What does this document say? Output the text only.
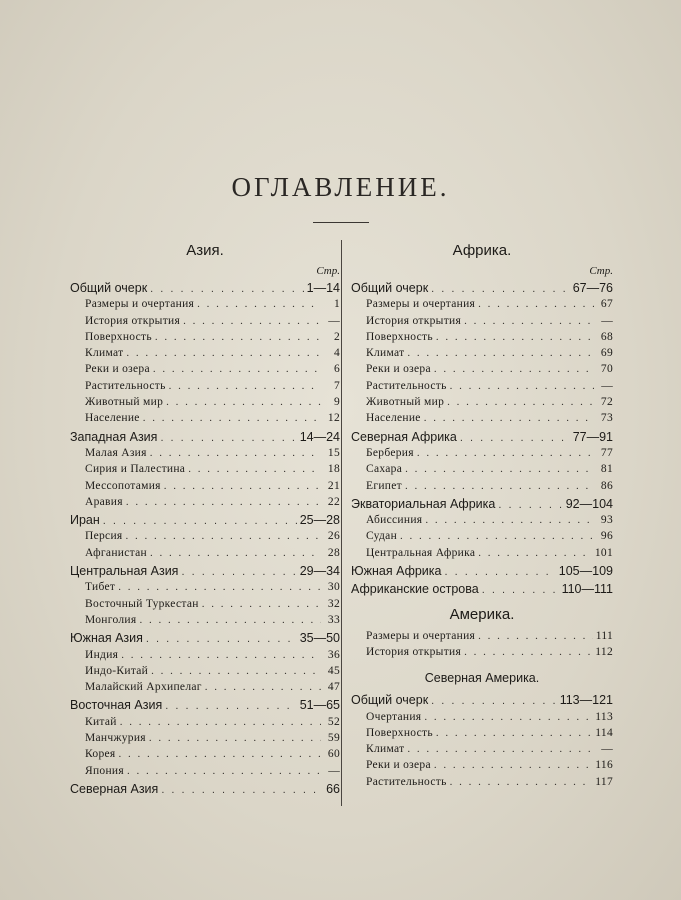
ОГЛАВЛЕНИЕ.
Азия.
Стр.
Общий очерк . . .	1—14
Размеры и очертания . . .	1
История открытия . . .	—
Поверхность . . .	2
Климат . . .	4
Реки и озера . . .	6
Растительность . . .	7
Животный мир . . .	9
Население . . .	12
Западная Азия . . .	14—24
Малая Азия . . .	15
Сирия и Палестина . . .	18
Мессопотамия . . .	21
Аравия . . .	22
Иран . . .	25—28
Персия . . .	26
Афганистан . . .	28
Центральная Азия . . .	29—34
Тибет . . .	30
Восточный Туркестан . . .	32
Монголия . . .	33
Южная Азия . . .	35—50
Индия . . .	36
Индо-Китай . . .	45
Малайский Архипелаг . . .	47
Восточная Азия . . .	51—65
Китай . . .	52
Манчжурия . . .	59
Корея . . .	60
Япония . . .	—
Северная Азия . . .	66
Африка.
Стр.
Общий очерк . . .	67—76
Размеры и очертания . . .	67
История открытия . . .	—
Поверхность . . .	68
Климат . . .	69
Реки и озера . . .	70
Растительность . . .	—
Животный мир . . .	72
Население . . .	73
Северная Африка . . .	77—91
Берберия . . .	77
Сахара . . .	81
Египет . . .	86
Экваториальная Африка . . .	92—104
Абиссиния . . .	93
Судан . . .	96
Центральная Африка . . .	101
Южная Африка . . .	105—109
Африканские острова . . .	110—111
Америка.
Размеры и очертания . . .	111
История открытия . . .	112
Северная Америка.
Общий очерк . . .	113—121
Очертания . . .	113
Поверхность . . .	114
Климат . . .	—
Реки и озера . . .	116
Растительность . . .	117
